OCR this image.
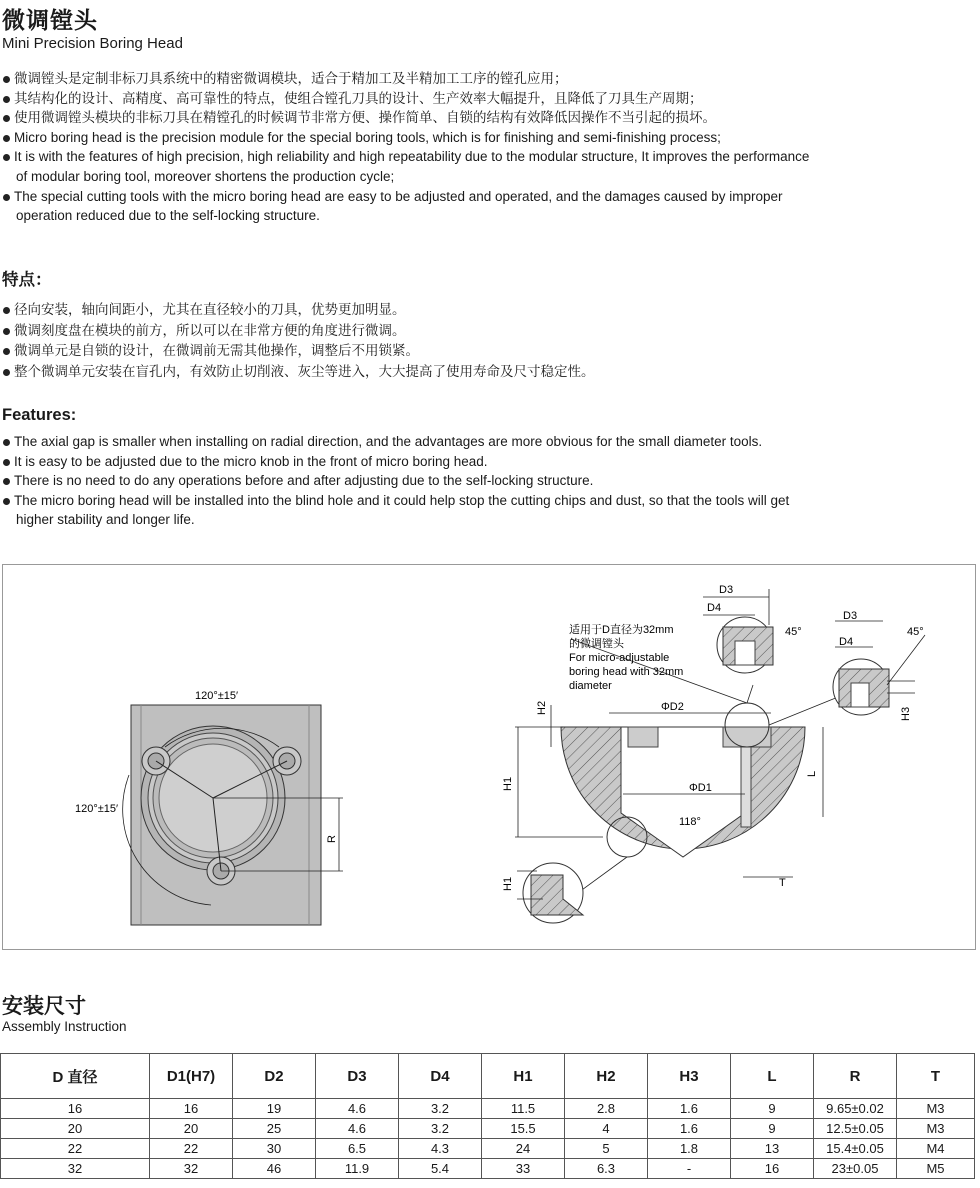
微调镗头
Mini Precision Boring Head
微调镗头是定制非标刀具系统中的精密微调模块，适合于精加工及半精加工工序的镗孔应用；
其结构化的设计、高精度、高可靠性的特点，使组合镗孔刀具的设计、生产效率大幅提升，且降低了刀具生产周期；
使用微调镗头模块的非标刀具在精镗孔的时候调节非常方便、操作简单、自锁的结构有效降低因操作不当引起的损坏。
Micro boring head is the precision module for the special boring tools, which is for finishing and semi-finishing process;
It is with the features of high precision, high reliability and high repeatability due to the modular structure, It improves the performance
of modular boring tool, moreover shortens the production cycle;
The special cutting tools with the micro boring head are easy to be adjusted and operated, and the damages caused by improper
operation reduced due to the self-locking structure.
特点：
径向安装，轴向间距小，尤其在直径较小的刀具，优势更加明显。
微调刻度盘在模块的前方，所以可以在非常方便的角度进行微调。
微调单元是自锁的设计，在微调前无需其他操作，调整后不用锁紧。
整个微调单元安装在盲孔内，有效防止切削液、灰尘等进入，大大提高了使用寿命及尺寸稳定性。
Features:
The axial gap is smaller when installing on radial direction, and the advantages are more obvious for the small diameter tools.
It is easy to be adjusted due to the micro knob in the front of micro boring head.
There is no need to do any operations before and after adjusting due to the self-locking structure.
The micro boring head will be installed into the blind hole and it could help stop the cutting chips and dust, so that the tools will get
higher stability and longer life.
120°±15′
120°±15′
R
适用于D直径为32mm
的微调镗头
For micro-adjustable
boring head with 32mm
diameter
ΦD2
ΦD1
118°
H1
H2
L
T
H1
D3
D4
45°
D3
D4
45°
H3
安装尺寸
Assembly Instruction
D 直径	D1(H7)	D2	D3	D4	H1	H2	H3	L	R	T
16	16	19	4.6	3.2	11.5	2.8	1.6	9	9.65±0.02	M3
20	20	25	4.6	3.2	15.5	4	1.6	9	12.5±0.05	M3
22	22	30	6.5	4.3	24	5	1.8	13	15.4±0.05	M4
32	32	46	11.9	5.4	33	6.3	-	16	23±0.05	M5
